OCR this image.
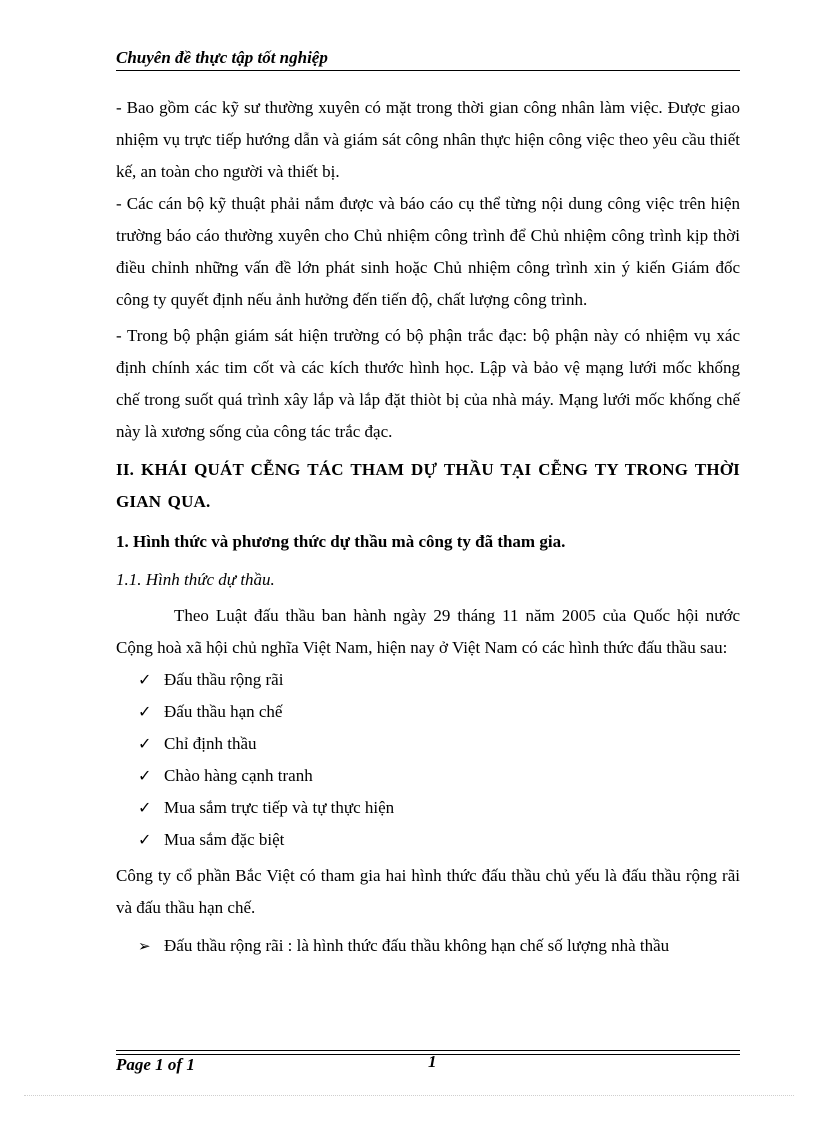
Chuyên đề thực tập tốt nghiệp

- Bao gồm các kỹ sư thường xuyên có mặt trong thời gian công nhân làm việc. Được giao nhiệm vụ trực tiếp hướng dẫn và giám sát công nhân thực hiện công việc theo yêu cầu thiết kế, an toàn cho người và thiết bị.

- Các cán bộ kỹ thuật phải nắm được và báo cáo cụ thể từng nội dung công việc trên hiện trường báo cáo thường xuyên cho Chủ nhiệm công trình để Chủ nhiệm công trình kịp thời điều chỉnh những vấn đề lớn phát sinh hoặc Chủ nhiệm công trình xin ý kiến Giám đốc công ty quyết định nếu ảnh hưởng đến tiến độ, chất lượng công trình.

- Trong bộ phận giám sát hiện trường có bộ phận trắc đạc: bộ phận này có nhiệm vụ xác định chính xác tim cốt và các kích thước hình học. Lập và bảo vệ mạng lưới mốc khống chế trong suốt quá trình xây lắp và lắp đặt thiòt bị của nhà máy. Mạng lưới mốc khống chế này là xương sống của công tác trắc đạc.

II. KHÁI QUÁT CỄNG TÁC THAM DỰ THẦU TẠI CỄNG TY TRONG THỜI GIAN QUA.

1. Hình thức và phương thức dự thầu mà công ty đã tham gia.

1.1. Hình thức dự thầu.

Theo Luật đấu thầu ban hành ngày 29 tháng 11 năm 2005 của Quốc hội nước Cộng hoà xã hội chủ nghĩa Việt Nam, hiện nay ở Việt Nam có các hình thức đấu thầu sau:

✓ Đấu thầu rộng rãi
✓ Đấu thầu hạn chế
✓ Chỉ định thầu
✓ Chào hàng cạnh tranh
✓ Mua sắm trực tiếp và tự thực hiện
✓ Mua sắm đặc biệt

Công ty cổ phần Bắc Việt có tham gia hai hình thức đấu thầu chủ yếu là đấu thầu rộng rãi và đấu thầu hạn chế.

➢ Đấu thầu rộng rãi : là hình thức đấu thầu không hạn chế số lượng nhà thầu
Page 1 of 1	1
